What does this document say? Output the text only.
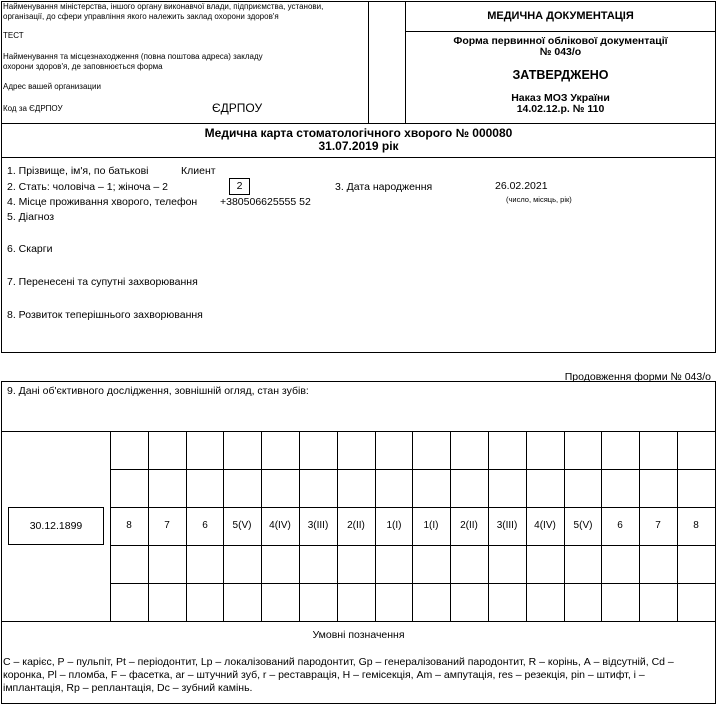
Найменування міністерства, іншого органу виконавчої влади, підприємства, установи, організації, до сфери управління якого належить заклад охорони здоров'я
ТЕСТ
Найменування та місцезнаходження (повна поштова адреса) закладу охорони здоров'я, де заповнюється форма
Адрес вашей организации
Код за ЄДРПОУ	ЄДРПОУ
МЕДИЧНА ДОКУМЕНТАЦІЯ
Форма первинної облікової документації
№ 043/о
ЗАТВЕРДЖЕНО
Наказ МОЗ України
14.02.12.р. № 110
Медична карта стоматологічного хворого № 000080
31.07.2019 рік
1. Прізвище, ім'я, по батькові	Клиент
2. Стать: чоловіча – 1; жіноча – 2	2	3. Дата народження	26.02.2021
(число, місяць, рік)
4. Місце проживання хворого, телефон +380506625555 52
5. Діагноз
6. Скарги
7. Перенесені та супутні захворювання
8. Розвиток теперішнього захворювання
Продовження форми № 043/о
9. Дані об'єктивного дослідження, зовнішній огляд, стан зубів:
30.12.1899	8	7	6	5(V)	4(IV)	3(III)	2(II)	1(I)	1(I)	2(II)	3(III)	4(IV)	5(V)	6	7	8
Умовні позначення
С – карієс, Р – пульпіт, Pt – періодонтит, Lp – локалізований пародонтит, Gp – генералізований пародонтит, R – корінь, А – відсутній, Cd –
коронка, Pl – пломба, F – фасетка, ar – штучний зуб, r – реставрація, H – гемісекція, Am – ампутація, res – резекція, pin – штифт, і –
імплантація, Rp – реплантація, Dc – зубний камінь.
